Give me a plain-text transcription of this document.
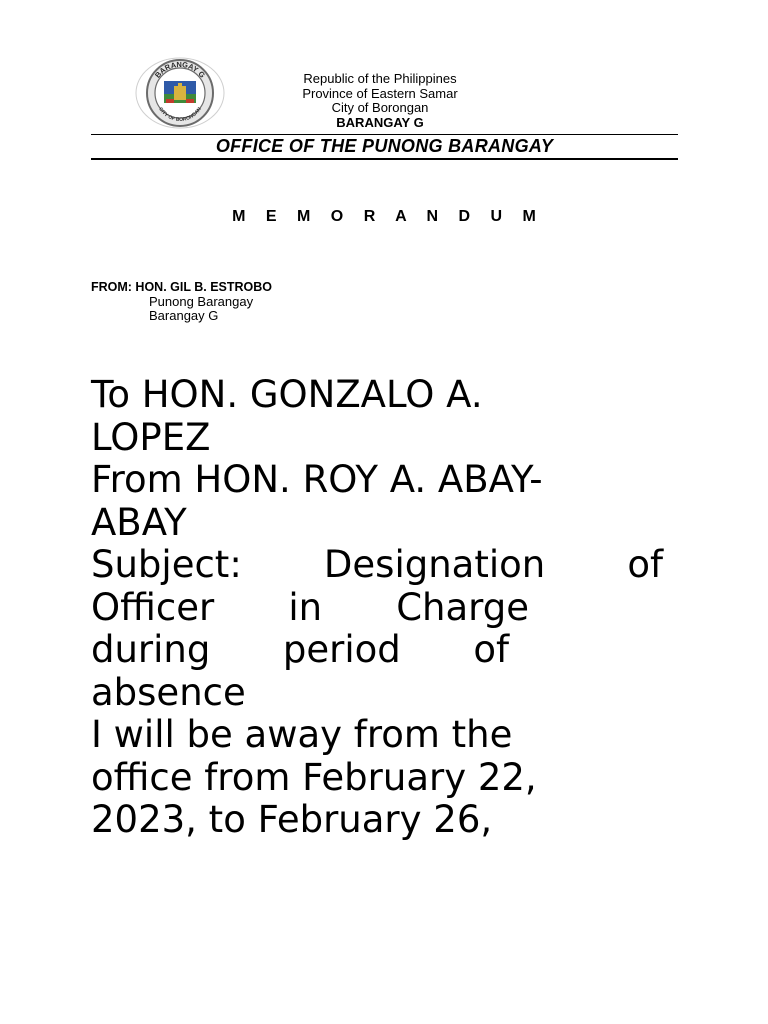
BARANGAY G
CITY OF BORONGAN
Republic of the Philippines
Province of Eastern Samar
City of Borongan
BARANGAY G
OFFICE OF THE PUNONG BARANGAY
M E M O R A N D U M
FROM: HON. GIL B. ESTROBO
Punong Barangay
Barangay G
To HON. GONZALO A.
LOPEZ
From HON. ROY A. ABAY-
ABAY
Subject: Designation of
Officer in Charge
during period of
absence
I will be away from the
office from February 22,
2023, to February 26,
